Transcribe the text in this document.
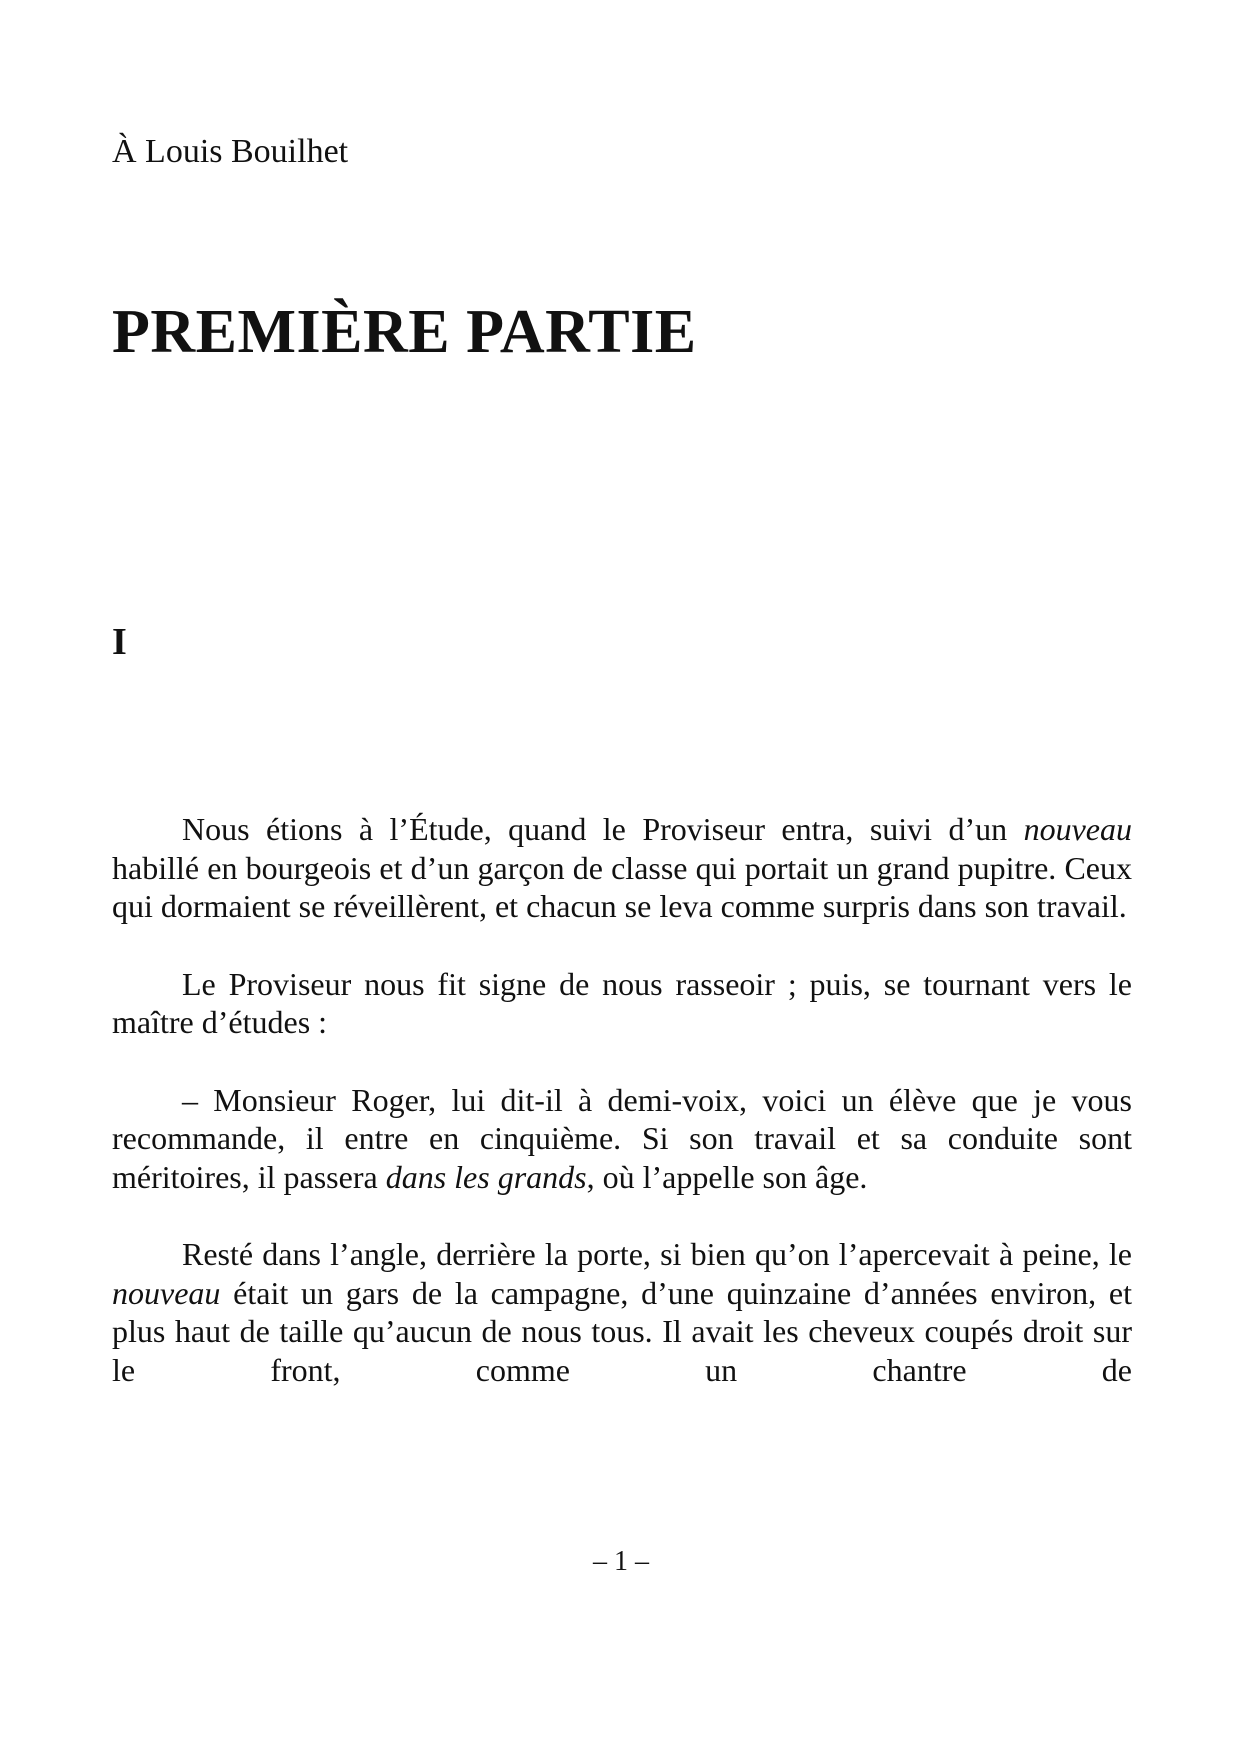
À Louis Bouilhet
PREMIÈRE PARTIE
I

Nous étions à l’Étude, quand le Proviseur entra, suivi d’un nouveau habillé en bourgeois et d’un garçon de classe qui portait un grand pupitre. Ceux qui dormaient se réveillèrent, et chacun se leva comme surpris dans son travail.

Le Proviseur nous fit signe de nous rasseoir ; puis, se tournant vers le maître d’études :

– Monsieur Roger, lui dit-il à demi-voix, voici un élève que je vous recommande, il entre en cinquième. Si son travail et sa conduite sont méritoires, il passera dans les grands, où l’appelle son âge.

Resté dans l’angle, derrière la porte, si bien qu’on l’apercevait à peine, le nouveau était un gars de la campagne, d’une quinzaine d’années environ, et plus haut de taille qu’aucun de nous tous. Il avait les cheveux coupés droit sur le front, comme un chantre de

– 1 –
